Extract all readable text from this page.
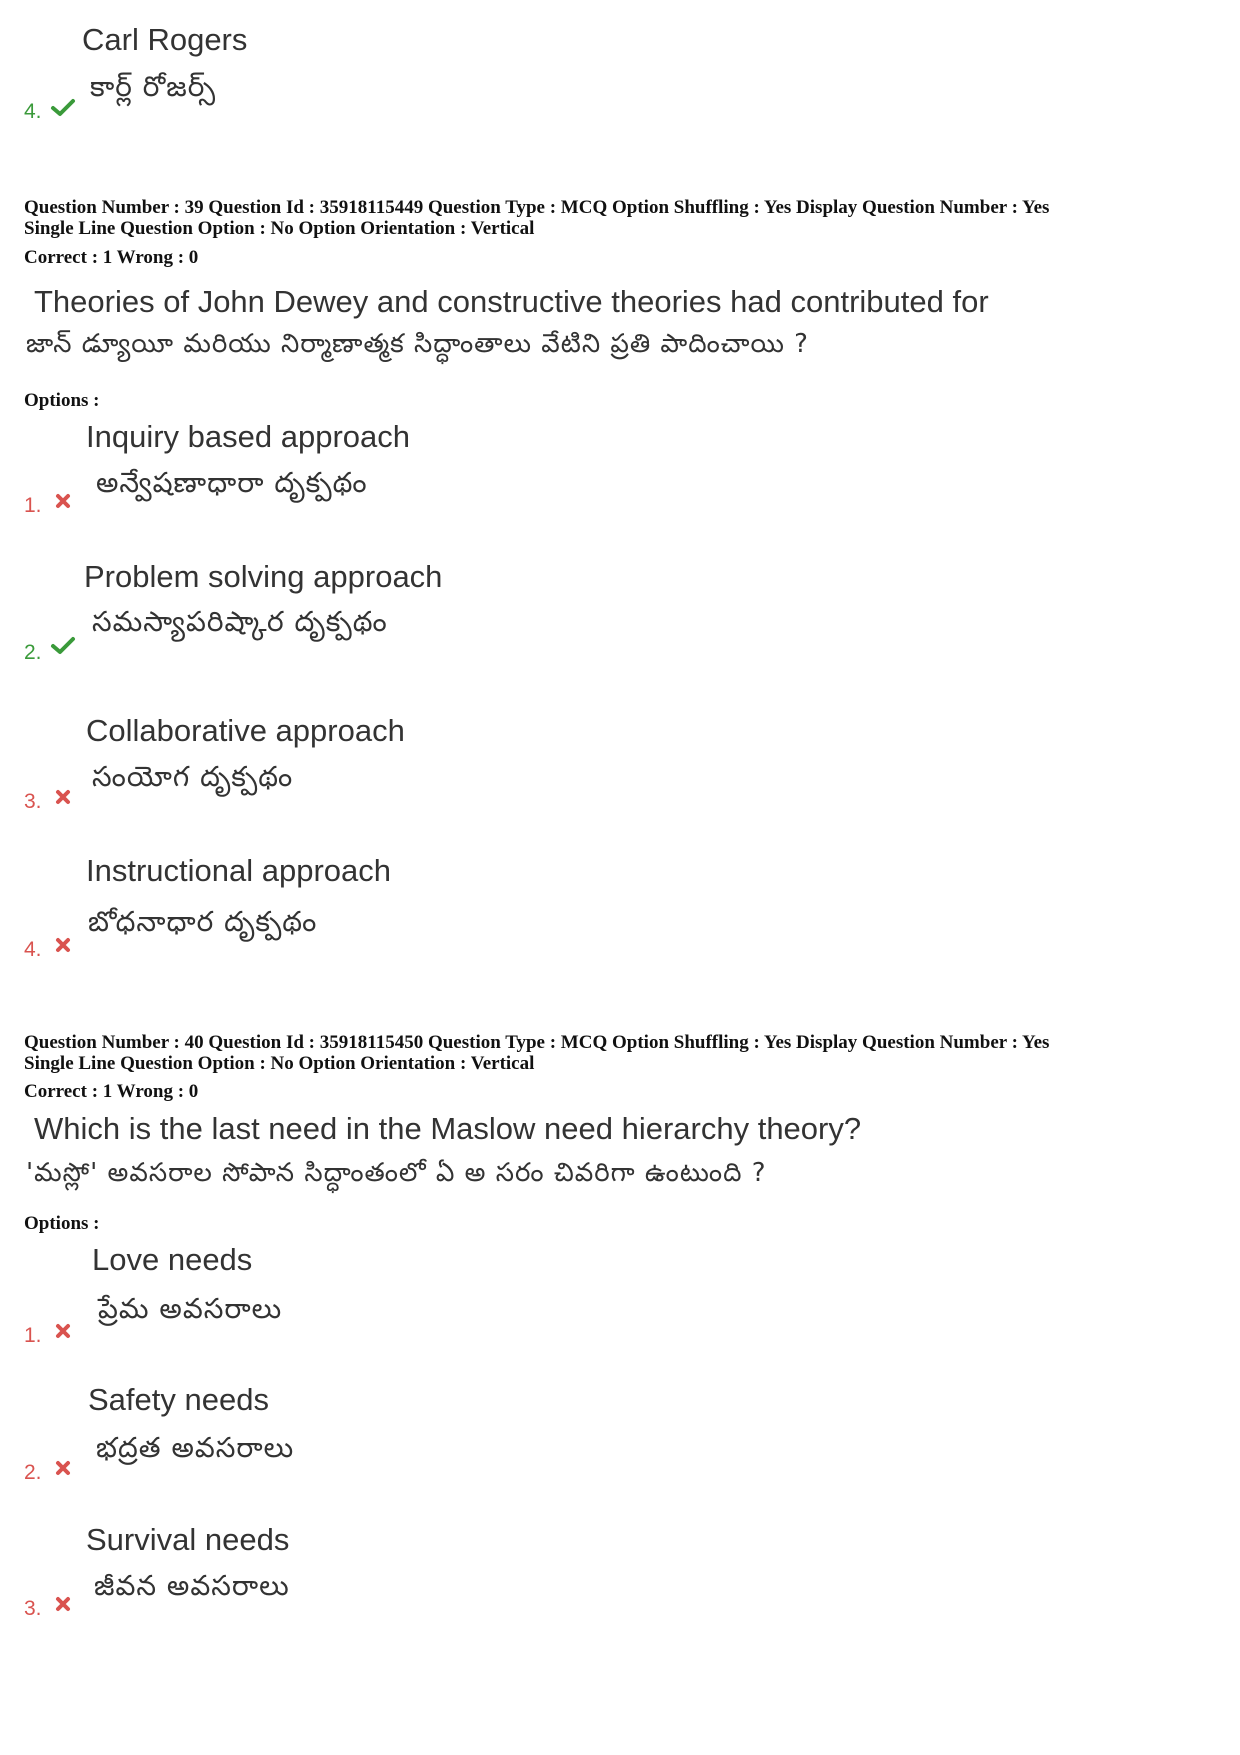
Carl Rogers
కార్ల్ రోజర్స్
4.
Question Number : 39 Question Id : 35918115449 Question Type : MCQ Option Shuffling : Yes Display Question Number : Yes
Single Line Question Option : No Option Orientation : Vertical
Correct : 1 Wrong : 0
Theories of John Dewey and constructive theories had contributed for
జాన్ డ్యూయీ మరియు నిర్మాణాత్మక సిద్ధాంతాలు వేటిని ప్రతి పాదించాయి ?
Options :
Inquiry based approach
అన్వేషణాధారా దృక్పథం
1.
Problem solving approach
సమస్యాపరిష్కార దృక్పథం
2.
Collaborative approach
సంయోగ దృక్పథం
3.
Instructional approach
బోధనాధార దృక్పథం
4.
Question Number : 40 Question Id : 35918115450 Question Type : MCQ Option Shuffling : Yes Display Question Number : Yes
Single Line Question Option : No Option Orientation : Vertical
Correct : 1 Wrong : 0
Which is the last need in the Maslow need hierarchy theory?
'మస్లో' అవసరాల సోపాన సిద్ధాంతంలో ఏ అ సరం చివరిగా ఉంటుంది ?
Options :
Love needs
ప్రేమ అవసరాలు
1.
Safety needs
భద్రత అవసరాలు
2.
Survival needs
జీవన అవసరాలు
3.
